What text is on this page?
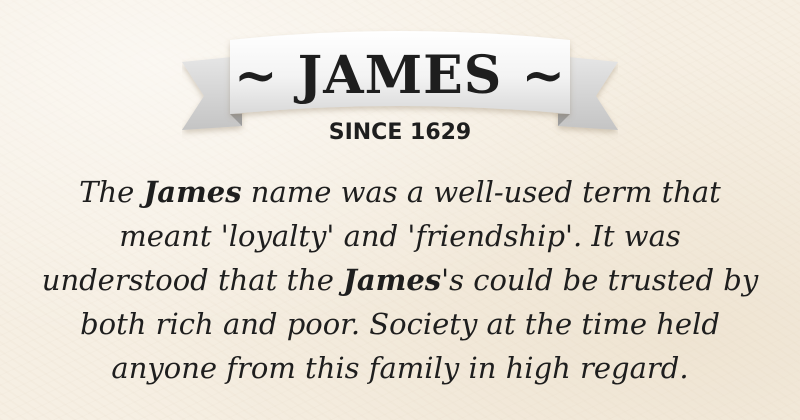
~ JAMES ~
SINCE 1629
The James name was a well-used term that
meant 'loyalty' and 'friendship'. It was
understood that the James's could be trusted by
both rich and poor. Society at the time held
anyone from this family in high regard.
